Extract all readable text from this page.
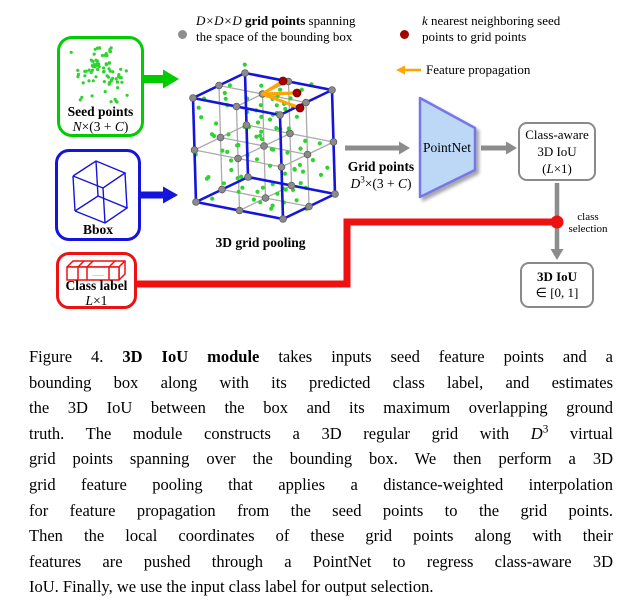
D×D×D grid points spanning
the space of the bounding box
k nearest neighboring seed
points to grid points
Feature propagation
Seed points
N×(3 + C)
Bbox
......
Class label
L×1
3D grid pooling
Grid points
$D^3\times(3 + C)$
PointNet
Class-aware
3D IoU
(L×1)
class
selection
3D IoU
∈ [0, 1]
Figure 4. 3D IoU module takes inputs seed feature points and a
bounding box along with its predicted class label, and estimates
the 3D IoU between the box and its maximum overlapping ground
truth. The module constructs a 3D regular grid with $D^3$ virtual
grid points spanning over the bounding box. We then perform a 3D
grid feature pooling that applies a distance-weighted interpolation
for feature propagation from the seed points to the grid points.
Then the local coordinates of these grid points along with their
features are pushed through a PointNet to regress class-aware 3D
IoU. Finally, we use the input class label for output selection.
